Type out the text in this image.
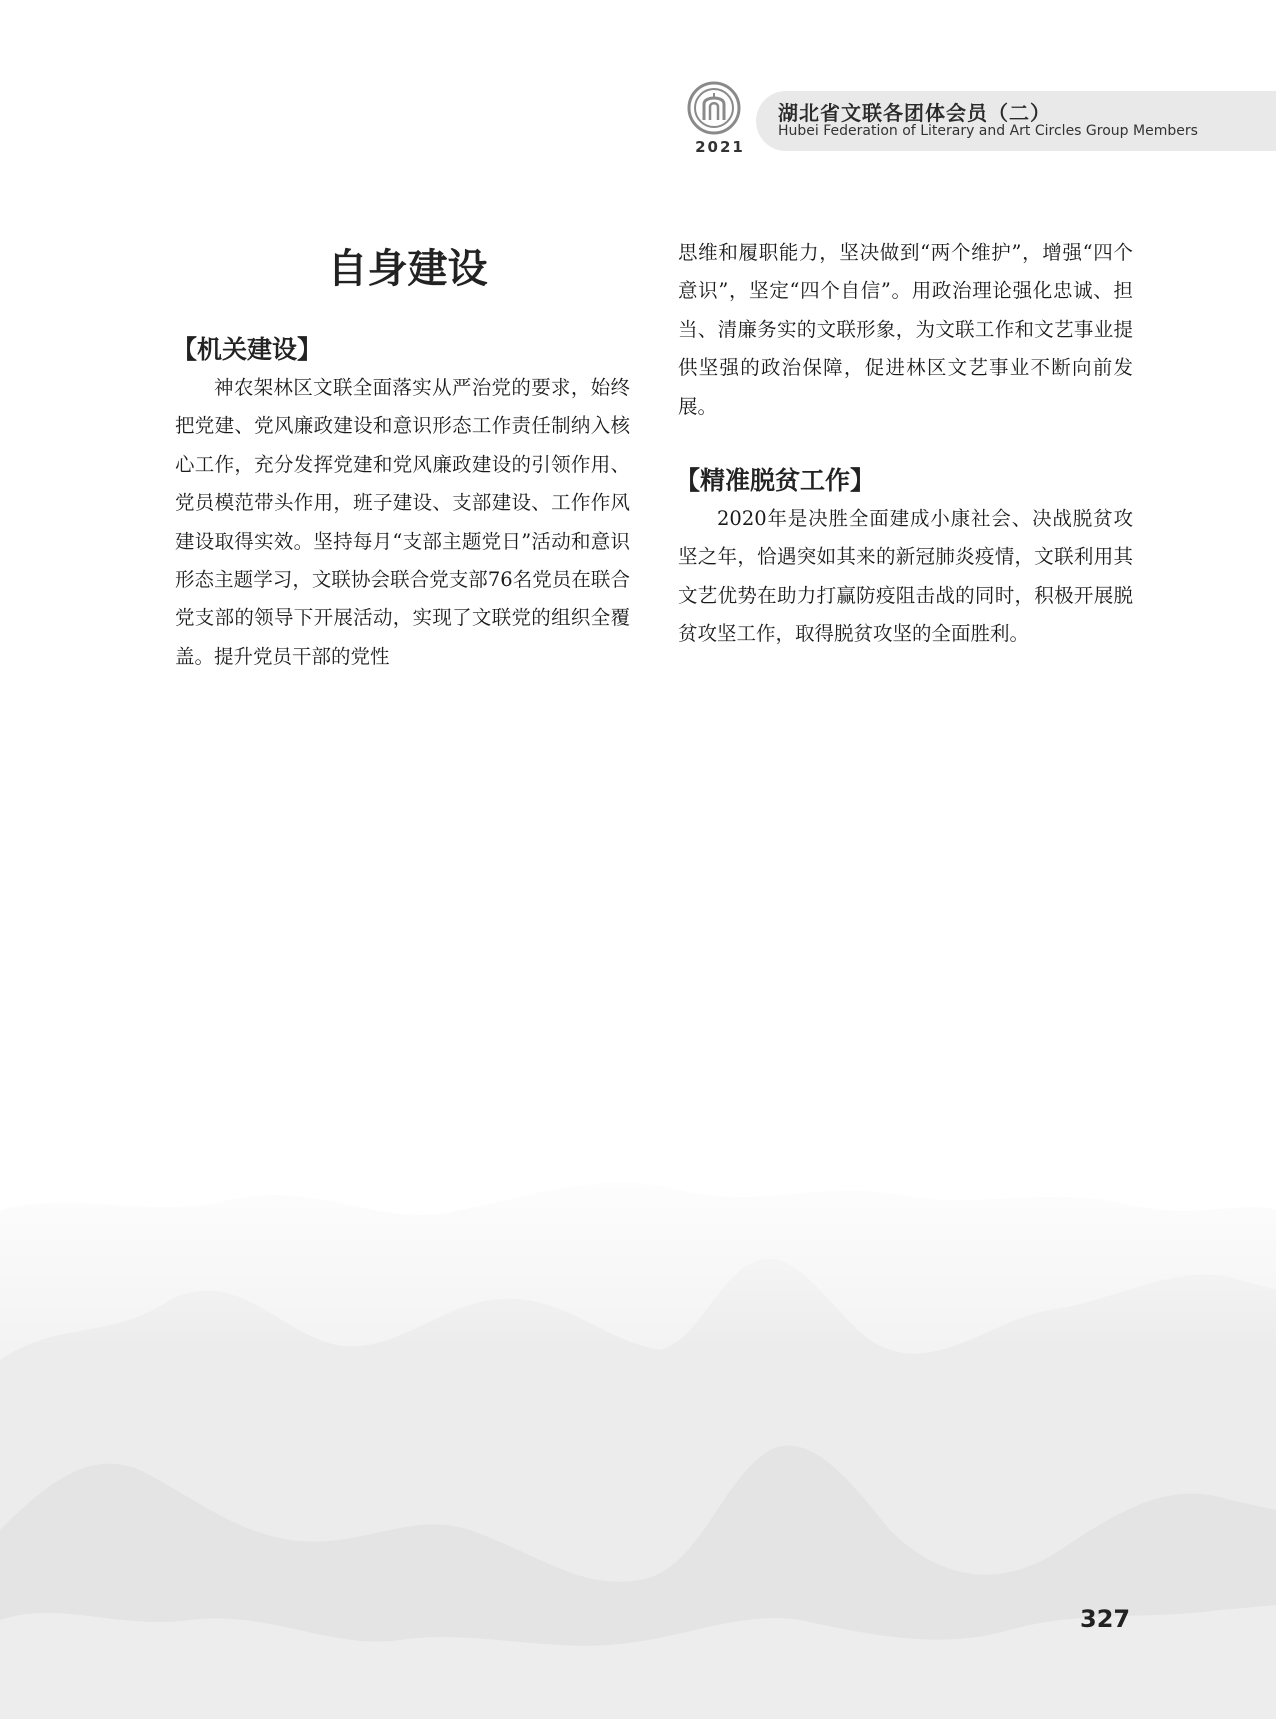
2021
湖北省文联各团体会员（二）
Hubei Federation of Literary and Art Circles Group Members
自身建设
【机关建设】

神农架林区文联全面落实从严治党的要求，始终把党建、党风廉政建设和意识形态工作责任制纳入核心工作，充分发挥党建和党风廉政建设的引领作用、党员模范带头作用，班子建设、支部建设、工作作风建设取得实效。坚持每月“支部主题党日”活动和意识形态主题学习，文联协会联合党支部76名党员在联合党支部的领导下开展活动，实现了文联党的组织全覆盖。提升党员干部的党性

思维和履职能力，坚决做到“两个维护”，增强“四个意识”，坚定“四个自信”。用政治理论强化忠诚、担当、清廉务实的文联形象，为文联工作和文艺事业提供坚强的政治保障，促进林区文艺事业不断向前发展。

【精准脱贫工作】

2020年是决胜全面建成小康社会、决战脱贫攻坚之年，恰遇突如其来的新冠肺炎疫情，文联利用其文艺优势在助力打赢防疫阻击战的同时，积极开展脱贫攻坚工作，取得脱贫攻坚的全面胜利。

327
